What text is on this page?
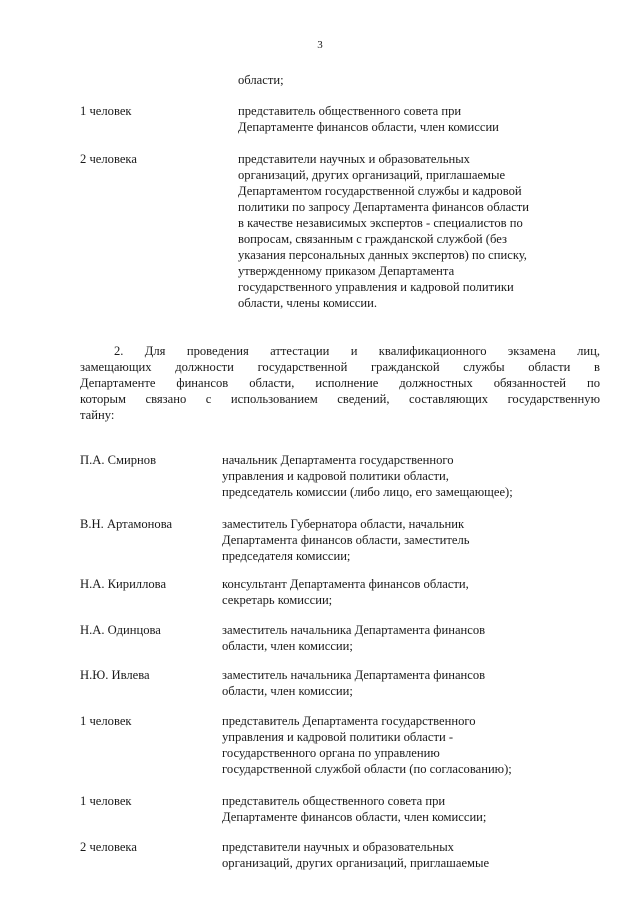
3
области;
1 человек	представитель общественного совета при
Департаменте финансов области, член комиссии
2 человека	представители научных и образовательных
организаций, других организаций, приглашаемые
Департаментом государственной службы и кадровой
политики по запросу Департамента финансов области
в качестве независимых экспертов - специалистов по
вопросам, связанным с гражданской службой (без
указания персональных данных экспертов) по списку,
утвержденному приказом Департамента
государственного управления и кадровой политики
области, члены комиссии.
2. Для проведения аттестации и квалификационного экзамена лиц,
замещающих должности государственной гражданской службы области в
Департаменте финансов области, исполнение должностных обязанностей по
которым связано с использованием сведений, составляющих государственную
тайну:
П.А. Смирнов	начальник Департамента государственного
управления и кадровой политики области,
председатель комиссии (либо лицо, его замещающее);
В.Н. Артамонова	заместитель Губернатора области, начальник
Департамента финансов области, заместитель
председателя комиссии;
Н.А. Кириллова	консультант Департамента финансов области,
секретарь комиссии;
Н.А. Одинцова	заместитель начальника Департамента финансов
области, член комиссии;
Н.Ю. Ивлева	заместитель начальника Департамента финансов
области, член комиссии;
1 человек	представитель Департамента государственного
управления и кадровой политики области -
государственного органа по управлению
государственной службой области (по согласованию);
1 человек	представитель общественного совета при
Департаменте финансов области, член комиссии;
2 человека	представители научных и образовательных
организаций, других организаций, приглашаемые
